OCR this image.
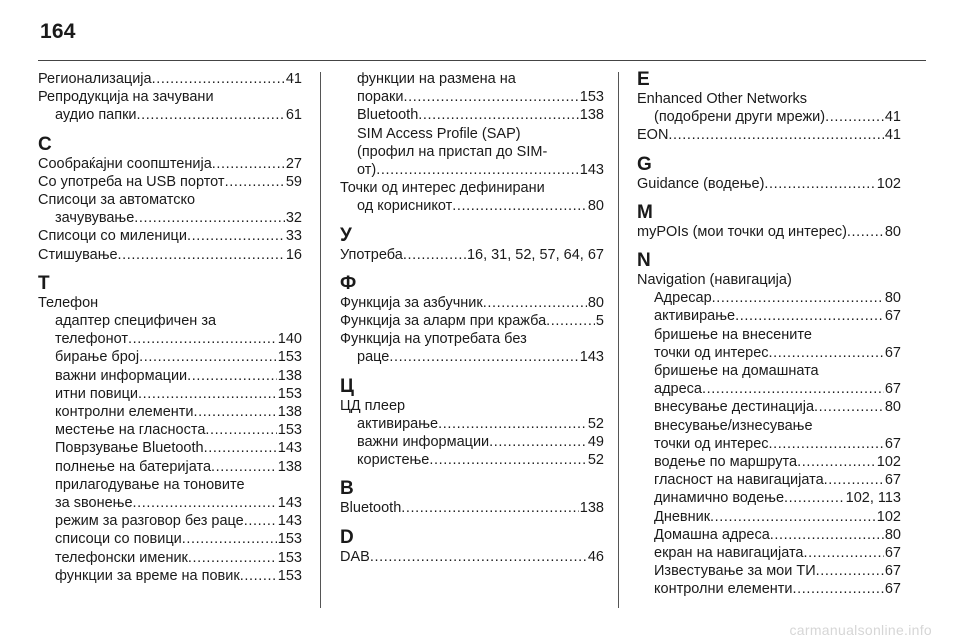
164
Регионализација .....	41
Репродукција на зачувани
аудио папки .....	61
С
Сообраќајни соопштенија .....	27
Со употреба на USB портот .....	59
Списоци за автоматско
зачувување .....	32
Списоци со миленици .....	33
Стишување .....	16
Т
Телефон
адаптер специфичен за
телефонот .....	140
бирање број .....	153
важни информации .....	138
итни повици .....	153
контролни елементи .....	138
местење на гласноста .....	153
Поврзување Bluetooth .....	143
полнење на батеријата .....	138
прилагодување на тоновите
за sвонење .....	143
режим за разговор без раце ..... 143
списоци со повици .....	153
телефонски именик .....	153
функции за време на повик .....	153
функции на размена на
пораки .....	153
Bluetooth .....	138
SIM Access Profile (SAP)
(профил на пристап до SIM-
от) .....	143
Точки од интерес дефинирани
од корисникот .....	80
У
Употреба .....	16, 31, 52, 57, 64, 67
Ф
Функција за азбучник .....	80
Функција за аларм при кражба .....	5
Функција на употребата без
раце .....	143
Ц
ЦД плеер
активирање .....	52
важни информации .....	49
користење .....	52
B
Bluetooth .....	138
D
DAB .....	46
E
Enhanced Other Networks
(подобрени други мрежи) .....	41
EON .....	41
G
Guidance (водење) .....	102
M
myPOIs (мои точки од интерес) .....	80
N
Navigation (навигација)
Адресар .....	80
активирање .....	67
бришење на внесените
точки од интерес .....	67
бришење на домашната
адреса .....	67
внесување дестинација .....	80
внесување/изнесување
точки од интерес .....	67
водење по маршрута .....	102
гласност на навигацијата .....	67
динамично водење .....	102, 113
Дневник .....	102
Домашна адреса .....	80
екран на навигацијата .....	67
Известување за мои ТИ .....	67
контролни елементи .....	67
carmanualsonline.info
